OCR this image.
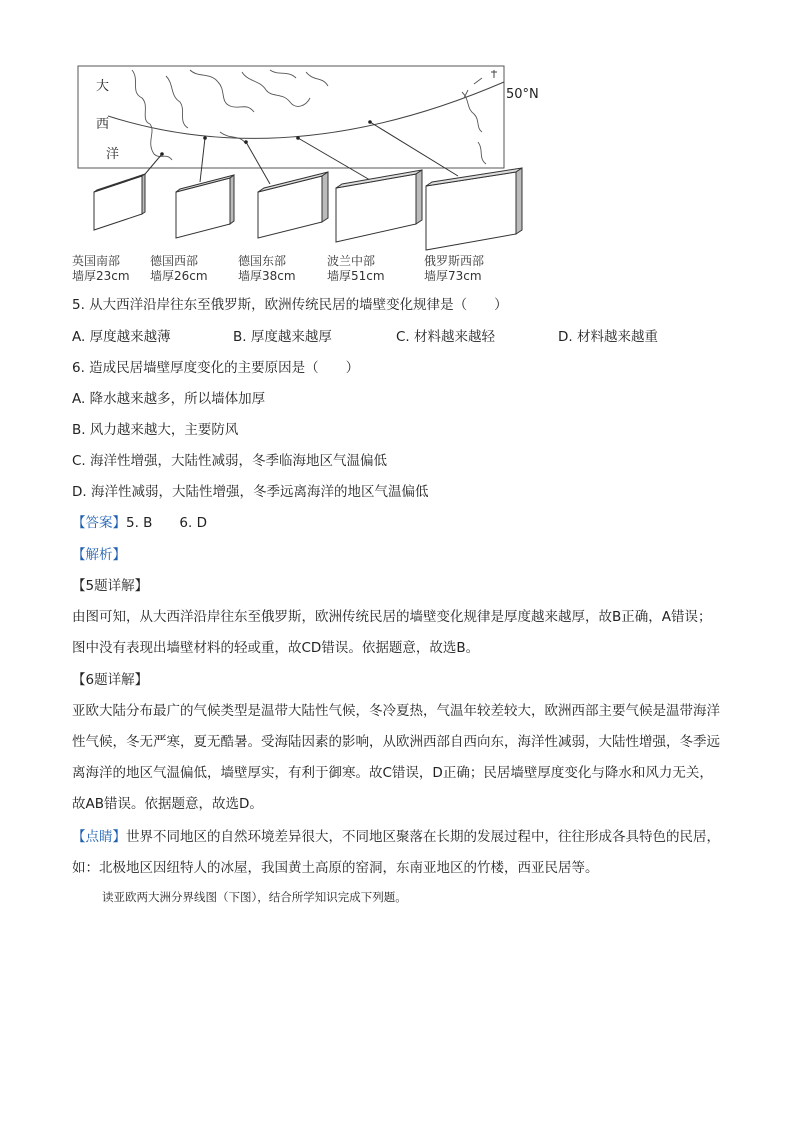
大
西
洋
50°N
英国南部
墙厚23cm
德国西部
墙厚26cm
德国东部
墙厚38cm
波兰中部
墙厚51cm
俄罗斯西部
墙厚73cm
5. 从大西洋沿岸往东至俄罗斯，欧洲传统民居的墙壁变化规律是（　　）
A. 厚度越来越薄	B. 厚度越来越厚	C. 材料越来越轻	D. 材料越来越重
6. 造成民居墙壁厚度变化的主要原因是（　　）
A. 降水越来越多，所以墙体加厚
B. 风力越来越大，主要防风
C. 海洋性增强，大陆性减弱，冬季临海地区气温偏低
D. 海洋性减弱，大陆性增强，冬季远离海洋的地区气温偏低
【答案】5. B　　6. D
【解析】
【5题详解】
由图可知，从大西洋沿岸往东至俄罗斯，欧洲传统民居的墙壁变化规律是厚度越来越厚，故B正确，A错误；图中没有表现出墙壁材料的轻或重，故CD错误。依据题意，故选B。
【6题详解】
亚欧大陆分布最广的气候类型是温带大陆性气候，冬冷夏热，气温年较差较大，欧洲西部主要气候是温带海洋性气候，冬无严寒，夏无酷暑。受海陆因素的影响，从欧洲西部自西向东，海洋性减弱，大陆性增强，冬季远离海洋的地区气温偏低，墙壁厚实，有利于御寒。故C错误，D正确；民居墙壁厚度变化与降水和风力无关，故AB错误。依据题意，故选D。
【点睛】世界不同地区的自然环境差异很大，不同地区聚落在长期的发展过程中，往往形成各具特色的民居，如：北极地区因纽特人的冰屋，我国黄土高原的窑洞，东南亚地区的竹楼，西亚民居等。
读亚欧两大洲分界线图（下图），结合所学知识完成下列题。
